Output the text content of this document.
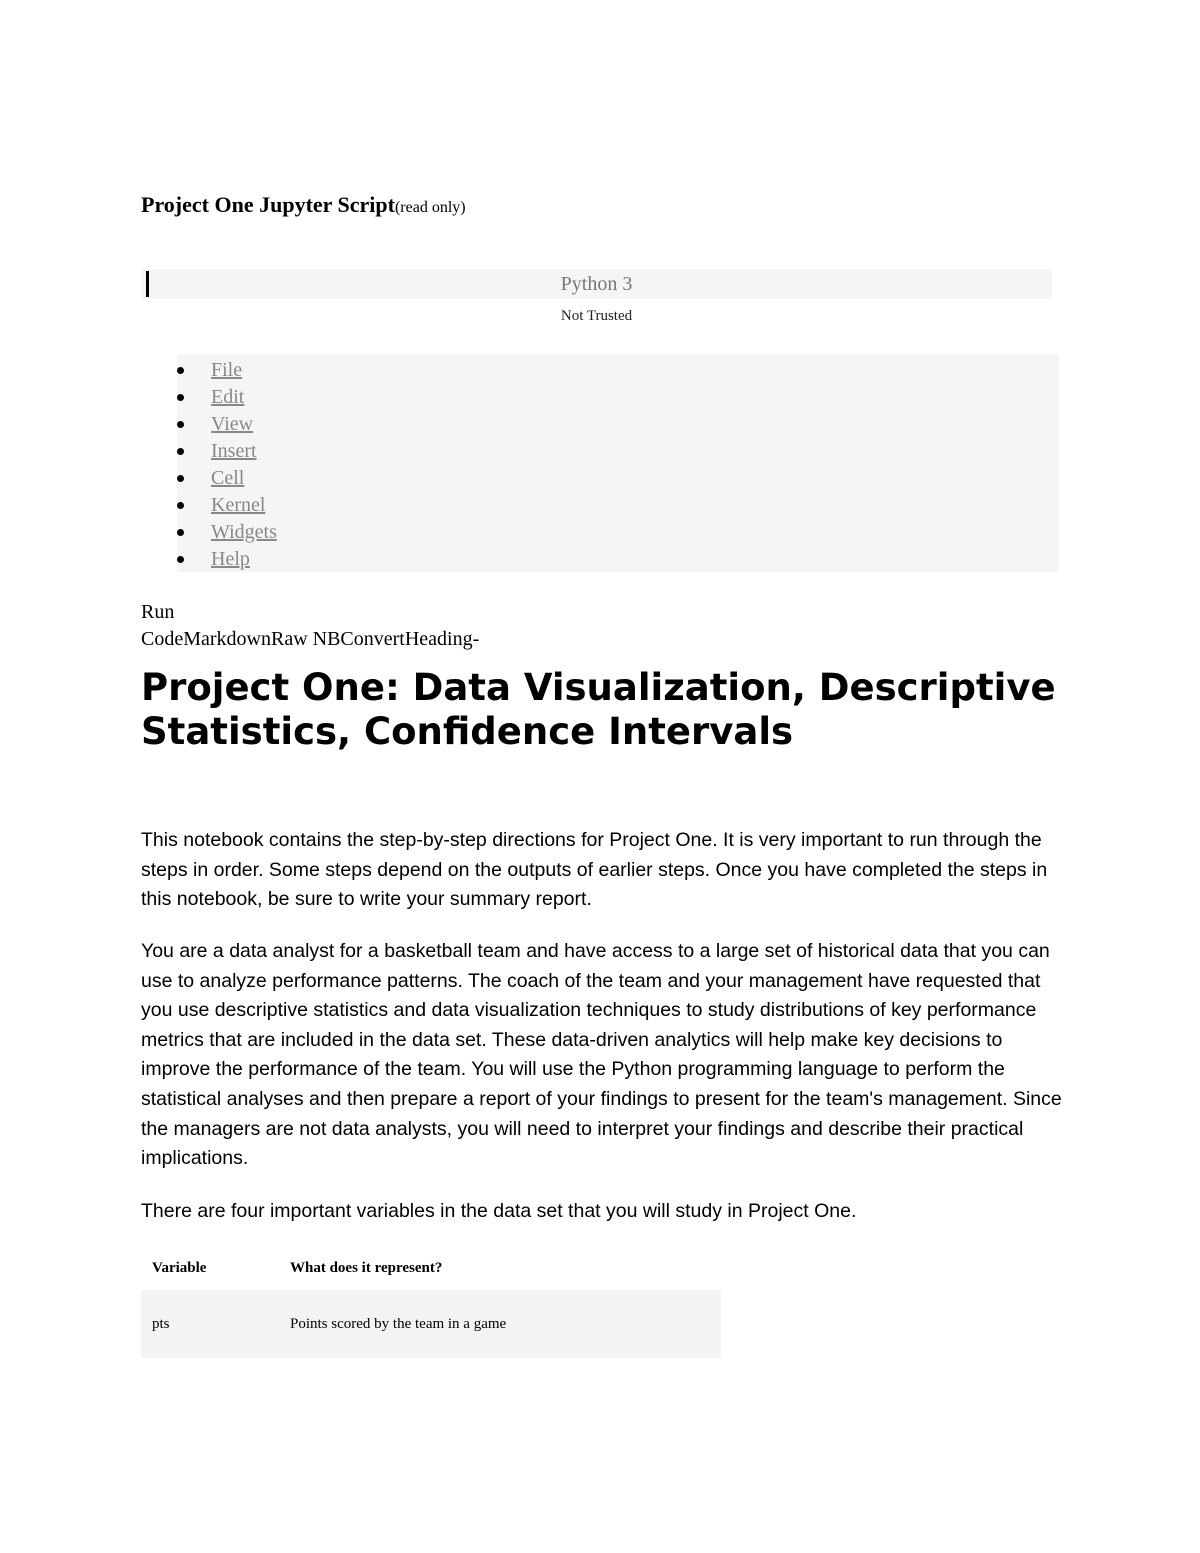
Project One Jupyter Script(read only)
Python 3
Not Trusted
File
Edit
View
Insert
Cell
Kernel
Widgets
Help
Run
CodeMarkdownRaw NBConvertHeading-
Project One: Data Visualization, Descriptive Statistics, Confidence Intervals

This notebook contains the step-by-step directions for Project One. It is very important to run through the steps in order. Some steps depend on the outputs of earlier steps. Once you have completed the steps in this notebook, be sure to write your summary report.

You are a data analyst for a basketball team and have access to a large set of historical data that you can use to analyze performance patterns. The coach of the team and your management have requested that you use descriptive statistics and data visualization techniques to study distributions of key performance metrics that are included in the data set. These data-driven analytics will help make key decisions to improve the performance of the team. You will use the Python programming language to perform the statistical analyses and then prepare a report of your findings to present for the team's management. Since the managers are not data analysts, you will need to interpret your findings and describe their practical implications.

There are four important variables in the data set that you will study in Project One.

Variable	What does it represent?
pts	Points scored by the team in a game
